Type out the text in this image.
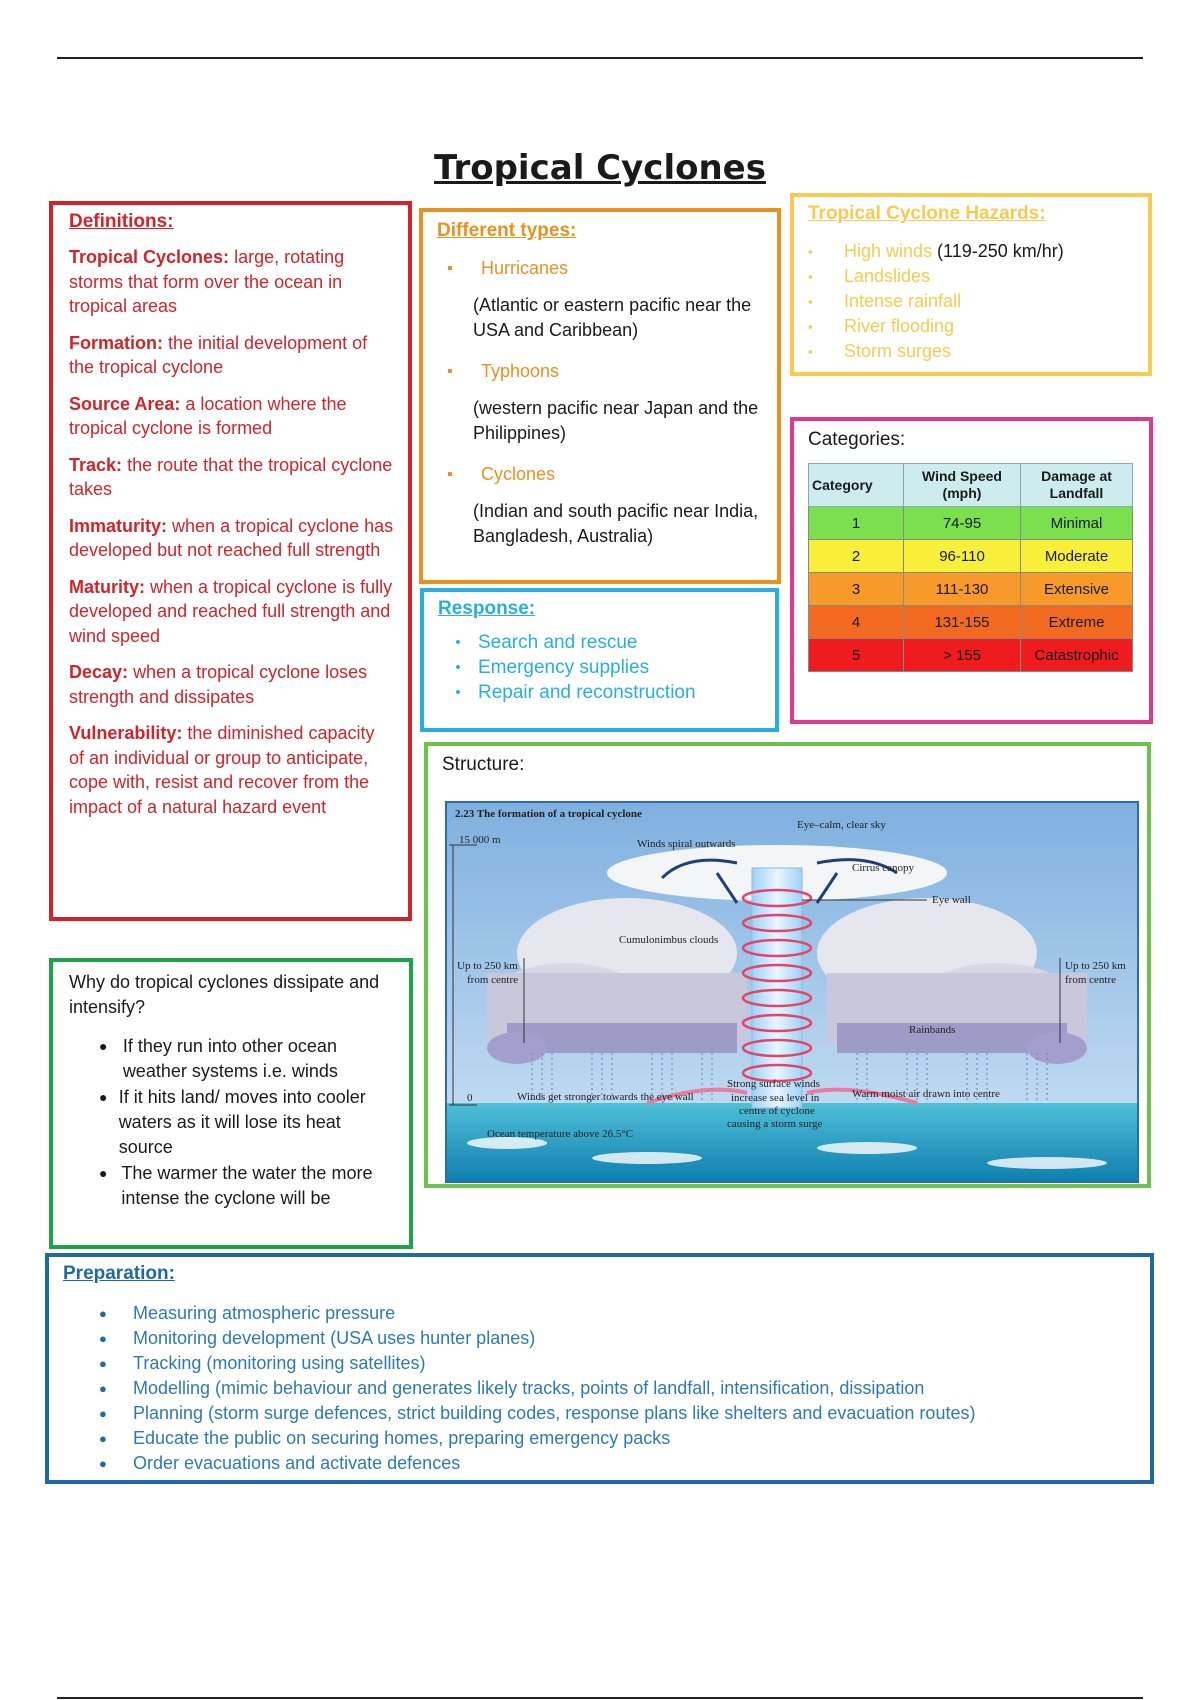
Tropical Cyclones
Definitions:
Tropical Cyclones: large, rotating storms that form over the ocean in tropical areas
Formation: the initial development of the tropical cyclone
Source Area: a location where the tropical cyclone is formed
Track: the route that the tropical cyclone takes
Immaturity: when a tropical cyclone has developed but not reached full strength
Maturity: when a tropical cyclone is fully developed and reached full strength and wind speed
Decay: when a tropical cyclone loses strength and dissipates
Vulnerability: the diminished capacity of an individual or group to anticipate, cope with, resist and recover from the impact of a natural hazard event
Different types:
▪	Hurricanes
(Atlantic or eastern pacific near the USA and Caribbean)
▪	Typhoons
(western pacific near Japan and the Philippines)
▪	Cyclones
(Indian and south pacific near India, Bangladesh, Australia)
Tropical Cyclone Hazards:
▪	High winds (119-250 km/hr)
▪	Landslides
▪	Intense rainfall
▪	River flooding
▪	Storm surges
Categories:
Category	Wind Speed (mph)	Damage at Landfall
1	74-95	Minimal
2	96-110	Moderate
3	111-130	Extensive
4	131-155	Extreme
5	> 155	Catastrophic
Response:
• Search and rescue
• Emergency supplies
• Repair and reconstruction
Structure:
2.23 The formation of a tropical cyclone
15 000 m
0
Eye–calm, clear sky
Winds spiral outwards
Cirrus canopy
Eye wall
Cumulonimbus clouds
Up to 250 km
from centre
Up to 250 km
from centre
Rainbands
Strong surface winds
increase sea level in
centre of cyclone
causing a storm surge
Winds get stronger towards the eye wall	Warm moist air drawn into centre
Ocean temperature above 26.5°C
Why do tropical cyclones dissipate and intensify?
● If they run into other ocean weather systems i.e. winds
● If it hits land/ moves into cooler waters as it will lose its heat source
● The warmer the water the more intense the cyclone will be
Preparation:
●	Measuring atmospheric pressure
●	Monitoring development (USA uses hunter planes)
●	Tracking (monitoring using satellites)
●	Modelling (mimic behaviour and generates likely tracks, points of landfall, intensification, dissipation
●	Planning (storm surge defences, strict building codes, response plans like shelters and evacuation routes)
●	Educate the public on securing homes, preparing emergency packs
●	Order evacuations and activate defences
